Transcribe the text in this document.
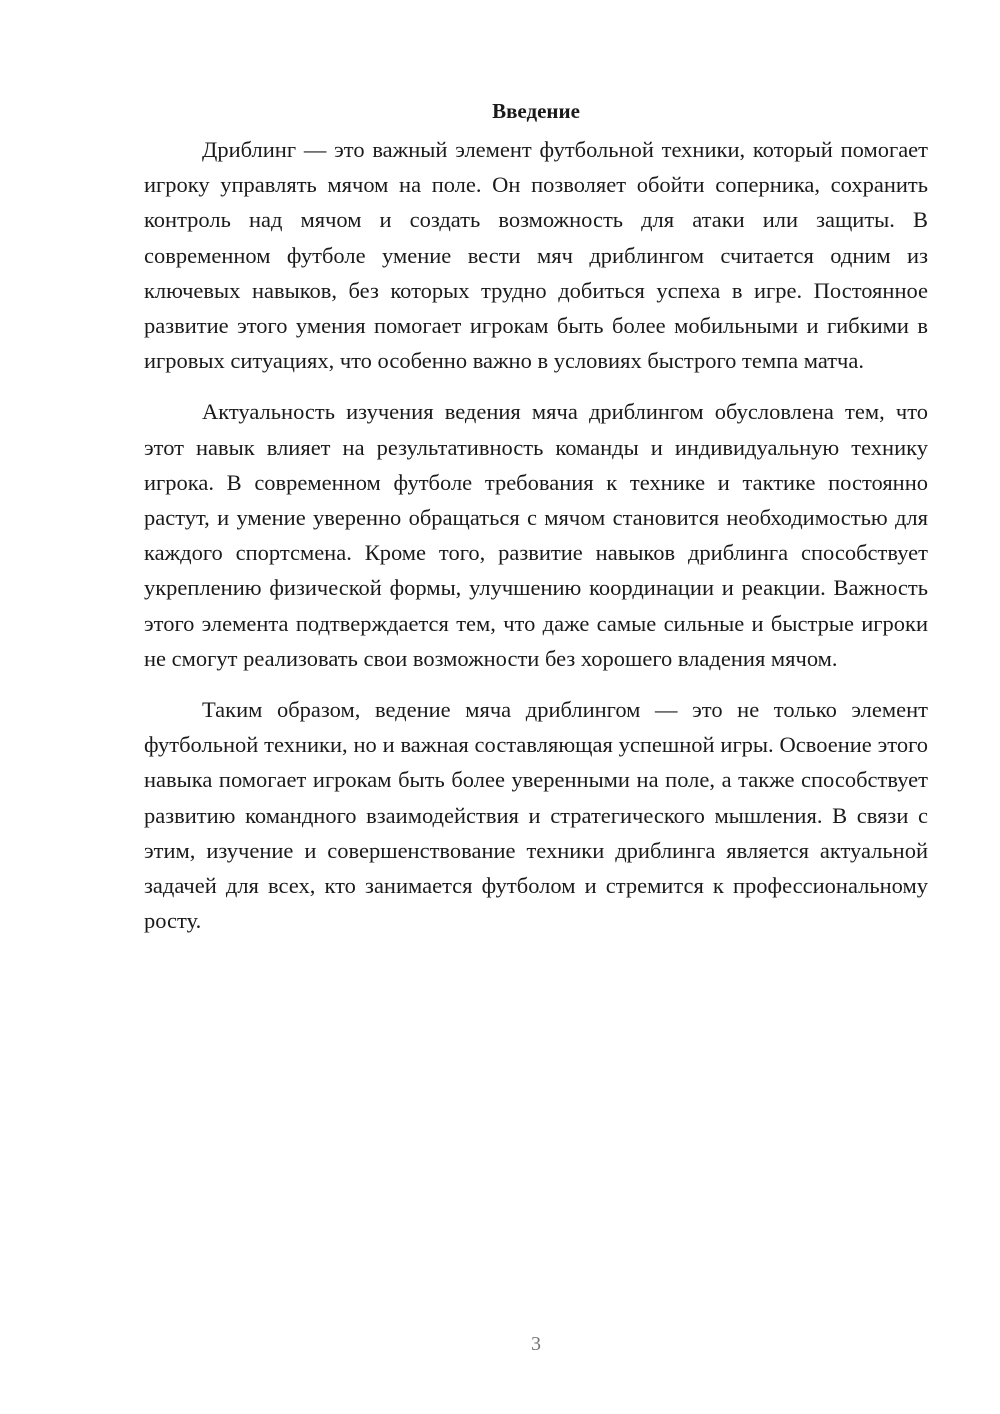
Введение

Дриблинг — это важный элемент футбольной техники, который помогает игроку управлять мячом на поле. Он позволяет обойти соперника, сохранить контроль над мячом и создать возможность для атаки или защиты. В современном футболе умение вести мяч дриблингом считается одним из ключевых навыков, без которых трудно добиться успеха в игре. Постоянное развитие этого умения помогает игрокам быть более мобильными и гибкими в игровых ситуациях, что особенно важно в условиях быстрого темпа матча.

Актуальность изучения ведения мяча дриблингом обусловлена тем, что этот навык влияет на результативность команды и индивидуальную технику игрока. В современном футболе требования к технике и тактике постоянно растут, и умение уверенно обращаться с мячом становится необходимостью для каждого спортсмена. Кроме того, развитие навыков дриблинга способствует укреплению физической формы, улучшению координации и реакции. Важность этого элемента подтверждается тем, что даже самые сильные и быстрые игроки не смогут реализовать свои возможности без хорошего владения мячом.

Таким образом, ведение мяча дриблингом — это не только элемент футбольной техники, но и важная составляющая успешной игры. Освоение этого навыка помогает игрокам быть более уверенными на поле, а также способствует развитию командного взаимодействия и стратегического мышления. В связи с этим, изучение и совершенствование техники дриблинга является актуальной задачей для всех, кто занимается футболом и стремится к профессиональному росту.

3
